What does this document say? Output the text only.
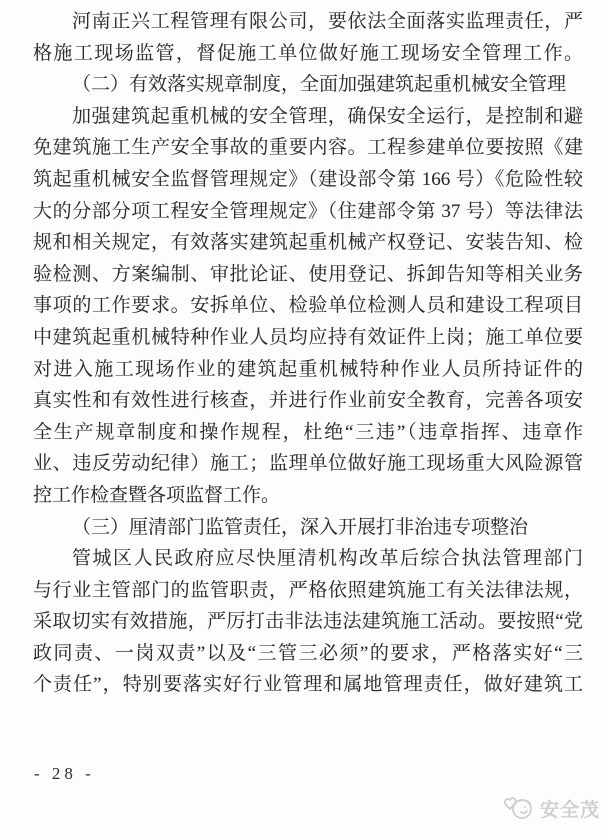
河南正兴工程管理有限公司，要依法全面落实监理责任，严
格施工现场监管，督促施工单位做好施工现场安全管理工作。
（二）有效落实规章制度，全面加强建筑起重机械安全管理
加强建筑起重机械的安全管理，确保安全运行，是控制和避
免建筑施工生产安全事故的重要内容。工程参建单位要按照《建
筑起重机械安全监督管理规定》（建设部令第 166 号）《危险性较
大的分部分项工程安全管理规定》（住建部令第 37 号）等法律法
规和相关规定，有效落实建筑起重机械产权登记、安装告知、检
验检测、方案编制、审批论证、使用登记、拆卸告知等相关业务
事项的工作要求。安拆单位、检验单位检测人员和建设工程项目
中建筑起重机械特种作业人员均应持有效证件上岗；施工单位要
对进入施工现场作业的建筑起重机械特种作业人员所持证件的
真实性和有效性进行核查，并进行作业前安全教育，完善各项安
全生产规章制度和操作规程，杜绝“三违”（违章指挥、违章作
业、违反劳动纪律）施工；监理单位做好施工现场重大风险源管
控工作检查暨各项监督工作。
（三）厘清部门监管责任，深入开展打非治违专项整治
管城区人民政府应尽快厘清机构改革后综合执法管理部门
与行业主管部门的监管职责，严格依照建筑施工有关法律法规，
采取切实有效措施，严厉打击非法违法建筑施工活动。要按照“党
政同责、一岗双责”以及“三管三必须”的要求，严格落实好“三
个责任”，特别要落实好行业管理和属地管理责任，做好建筑工
- 28 -
安全茂
